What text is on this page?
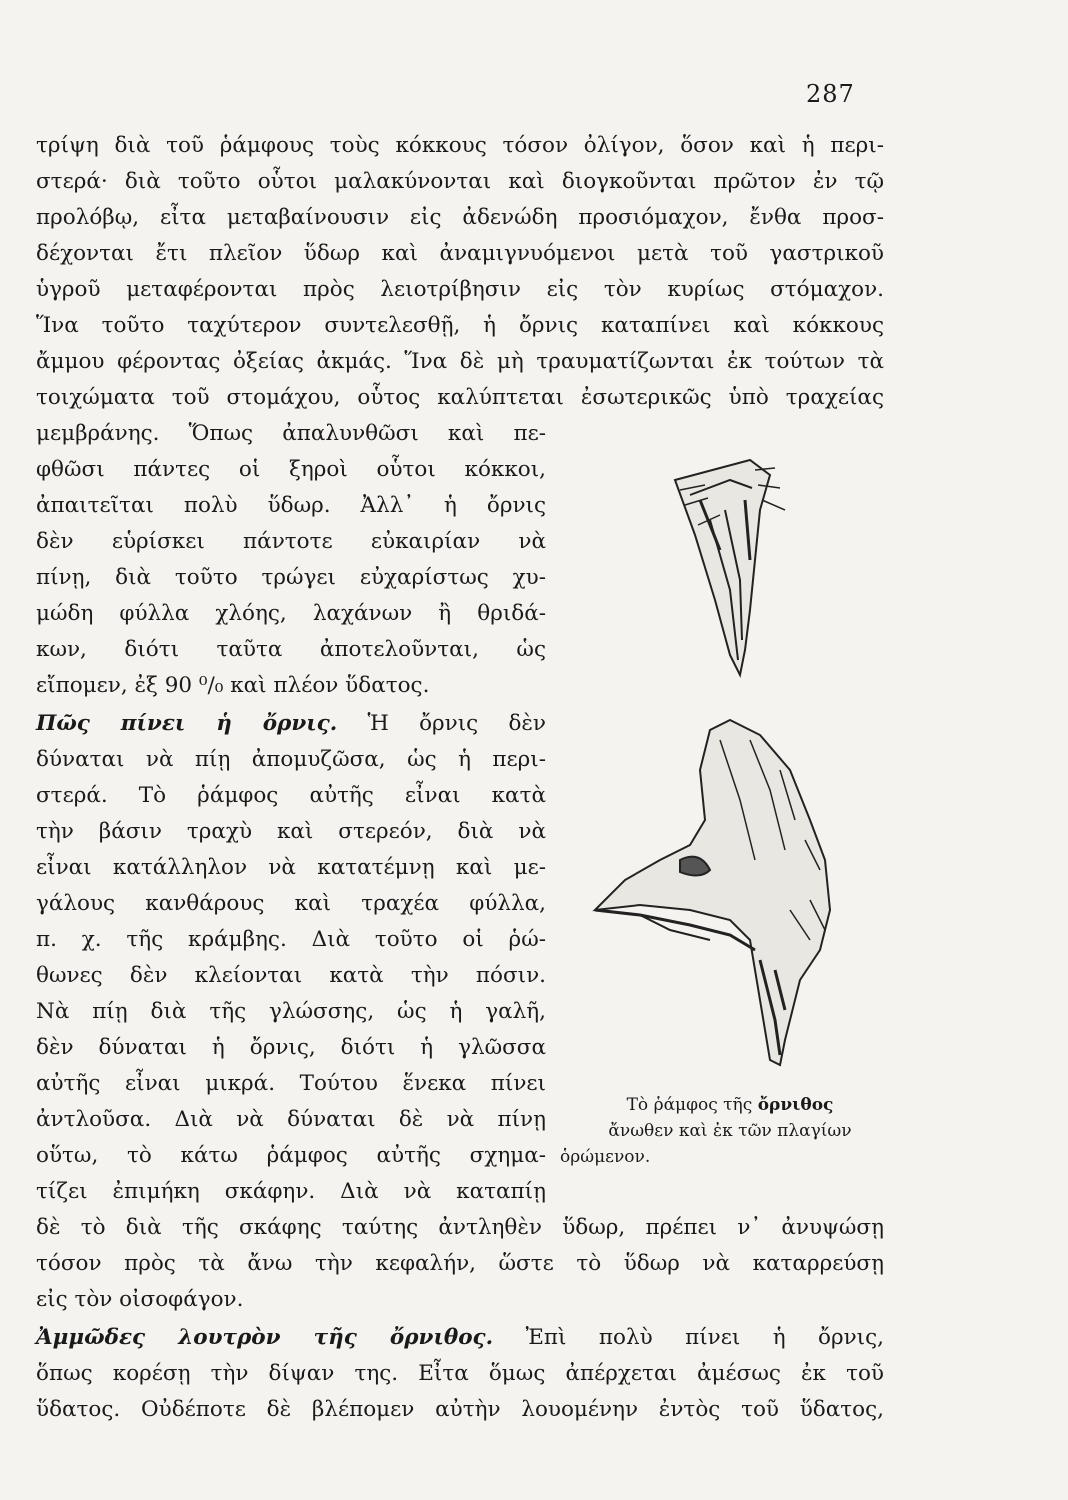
287
τρίψη διὰ τοῦ ῥάμφους τοὺς κόκκους τόσον ὀλίγον, ὅσον καὶ ἡ περι-
στερά· διὰ τοῦτο οὗτοι μαλακύνονται καὶ διογκοῦνται πρῶτον ἐν τῷ
προλόβῳ, εἶτα μεταβαίνουσιν εἰς ἀδενώδη προσιόμαχον, ἔνθα προσ-
δέχονται ἔτι πλεῖον ὕδωρ καὶ ἀναμιγνυόμενοι μετὰ τοῦ γαστρικοῦ
ὑγροῦ μεταφέρονται πρὸς λειοτρίβησιν εἰς τὸν κυρίως στόμαχον.
Ἵνα τοῦτο ταχύτερον συντελεσθῇ, ἡ ὄρνις καταπίνει καὶ κόκκους
ἄμμου φέροντας ὀξείας ἀκμάς. Ἵνα δὲ μὴ τραυματίζωνται ἐκ τούτων τὰ
τοιχώματα τοῦ στομάχου, οὗτος καλύπτεται ἐσωτερικῶς ὑπὸ τραχείας
μεμβράνης. Ὅπως ἀπαλυνθῶσι καὶ πε-
φθῶσι πάντες οἱ ξηροὶ οὗτοι κόκκοι,
ἀπαιτεῖται πολὺ ὕδωρ. Ἀλλ᾽ ἡ ὄρνις
δὲν εὑρίσκει πάντοτε εὐκαιρίαν νὰ
πίνῃ, διὰ τοῦτο τρώγει εὐχαρίστως χυ-
μώδη φύλλα χλόης, λαχάνων ἢ θριδά-
κων, διότι ταῦτα ἀποτελοῦνται, ὡς
εἴπομεν, ἐξ 90 ⁰/₀ καὶ πλέον ὕδατος.
Πῶς πίνει ἡ ὄρνις. Ἡ ὄρνις δὲν
δύναται νὰ πίῃ ἀπομυζῶσα, ὡς ἡ περι-
στερά. Τὸ ῥάμφος αὐτῆς εἶναι κατὰ
τὴν βάσιν τραχὺ καὶ στερεόν, διὰ νὰ
εἶναι κατάλληλον νὰ κατατέμνῃ καὶ με-
γάλους κανθάρους καὶ τραχέα φύλλα,
π. χ. τῆς κράμβης. Διὰ τοῦτο οἱ ῥώ-
θωνες δὲν κλείονται κατὰ τὴν πόσιν.
Νὰ πίῃ διὰ τῆς γλώσσης, ὡς ἡ γαλῆ,
δὲν δύναται ἡ ὄρνις, διότι ἡ γλῶσσα
αὐτῆς εἶναι μικρά. Τούτου ἕνεκα πίνει
ἀντλοῦσα. Διὰ νὰ δύναται δὲ νὰ πίνῃ
οὕτω, τὸ κάτω ῥάμφος αὐτῆς σχημα-
τίζει ἐπιμήκη σκάφην. Διὰ νὰ καταπίῃ
δὲ τὸ διὰ τῆς σκάφης ταύτης ἀντληθὲν ὕδωρ, πρέπει ν᾽ ἀνυψώσῃ
τόσον πρὸς τὰ ἄνω τὴν κεφαλήν, ὥστε τὸ ὕδωρ νὰ καταρρεύσῃ
εἰς τὸν οἰσοφάγον.
Ἀμμῶδες λουτρὸν τῆς ὄρνιθος. Ἐπὶ πολὺ πίνει ἡ ὄρνις,
ὅπως κορέσῃ τὴν δίψαν της. Εἶτα ὅμως ἀπέρχεται ἀμέσως ἐκ τοῦ
ὕδατος. Οὐδέποτε δὲ βλέπομεν αὐτὴν λουομένην ἐντὸς τοῦ ὕδατος,
Τὸ ῥάμφος τῆς ὄρνιθος
ἄνωθεν καὶ ἐκ τῶν πλαγίων
ὁρώμενον.
